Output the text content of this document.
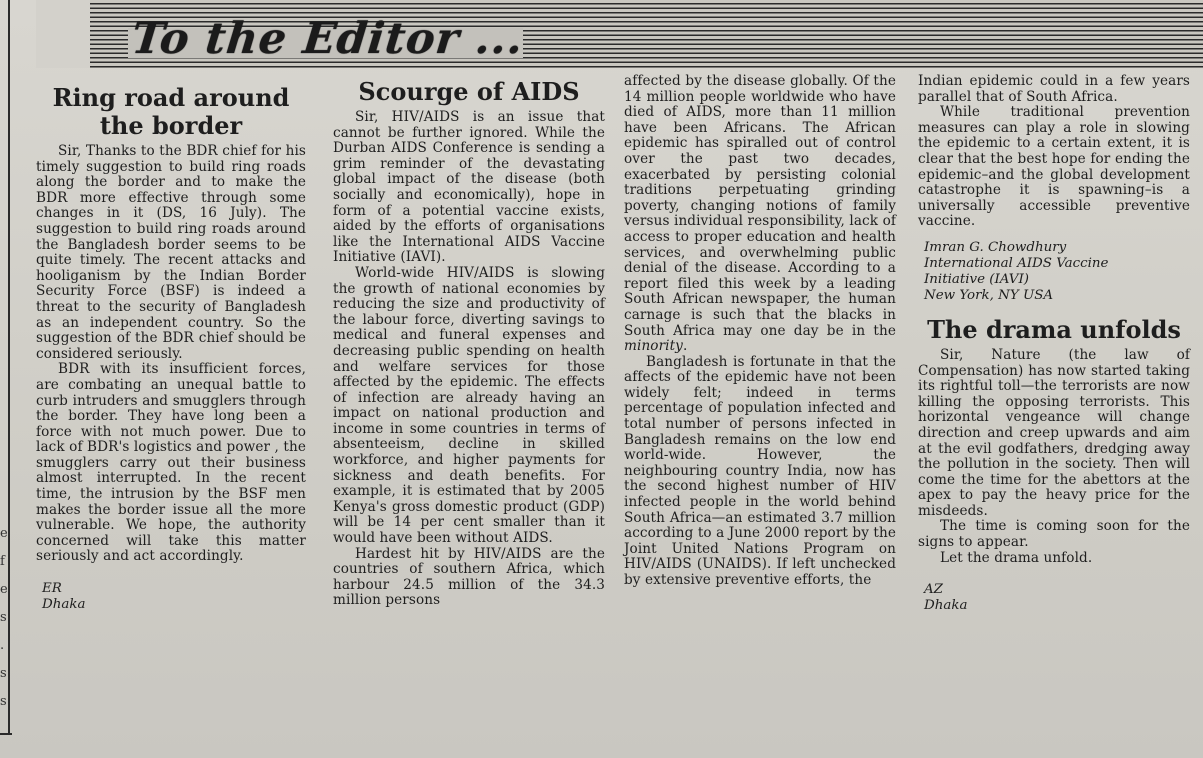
e
f
e
s
.
s
s
To the Editor ...
Ring road around the border

Sir, Thanks to the BDR chief for his timely suggestion to build ring roads along the border and to make the BDR more effective through some changes in it (DS, 16 July). The suggestion to build ring roads around the Bangladesh border seems to be quite timely. The recent attacks and hooliganism by the Indian Border Security Force (BSF) is indeed a threat to the security of Bangladesh as an independent country. So the suggestion of the BDR chief should be considered seriously.

BDR with its insufficient forces, are combating an unequal battle to curb intruders and smugglers through the border. They have long been a force with not much power. Due to lack of BDR's logistics and power , the smugglers carry out their business almost interrupted. In the recent time, the intrusion by the BSF men makes the border issue all the more vulnerable. We hope, the authority concerned will take this matter seriously and act accordingly.

ER

Dhaka

Scourge of AIDS

Sir, HIV/AIDS is an issue that cannot be further ignored. While the Durban AIDS Conference is sending a grim reminder of the devastating global impact of the disease (both socially and economically), hope in form of a potential vaccine exists, aided by the efforts of organisations like the International AIDS Vaccine Initiative (IAVI).

World-wide HIV/AIDS is slowing the growth of national economies by reducing the size and productivity of the labour force, diverting savings to medical and funeral expenses and decreasing public spending on health and welfare services for those affected by the epidemic. The effects of infection are already having an impact on national production and income in some countries in terms of absenteeism, decline in skilled workforce, and higher payments for sickness and death benefits. For example, it is estimated that by 2005 Kenya's gross domestic product (GDP) will be 14 per cent smaller than it would have been without AIDS.

Hardest hit by HIV/AIDS are the countries of southern Africa, which harbour 24.5 million of the 34.3 million persons

affected by the disease globally. Of the 14 million people worldwide who have died of AIDS, more than 11 million have been Africans. The African epidemic has spiralled out of control over the past two decades, exacerbated by persisting colonial traditions perpetuating grinding poverty, changing notions of family versus individual responsibility, lack of access to proper education and health services, and overwhelming public denial of the disease. According to a report filed this week by a leading South African newspaper, the human carnage is such that the blacks in South Africa may one day be in the minority.

Bangladesh is fortunate in that the affects of the epidemic have not been widely felt; indeed in terms percentage of population infected and total number of persons infected in Bangladesh remains on the low end world-wide. However, the neighbouring country India, now has the second highest number of HIV infected people in the world behind South Africa—an estimated 3.7 million according to a June 2000 report by the Joint United Nations Program on HIV/AIDS (UNAIDS). If left unchecked by extensive preventive efforts, the

Indian epidemic could in a few years parallel that of South Africa.

While traditional prevention measures can play a role in slowing the epidemic to a certain extent, it is clear that the best hope for ending the epidemic–and the global development catastrophe it is spawning–is a universally accessible preventive vaccine.

Imran G. Chowdhury

International AIDS Vaccine

Initiative (IAVI)

New York, NY USA

The drama unfolds

Sir, Nature (the law of Compensation) has now started taking its rightful toll—the terrorists are now killing the opposing terrorists. This horizontal vengeance will change direction and creep upwards and aim at the evil godfathers, dredging away the pollution in the society. Then will come the time for the abettors at the apex to pay the heavy price for the misdeeds.

The time is coming soon for the signs to appear.

Let the drama unfold.

AZ

Dhaka
